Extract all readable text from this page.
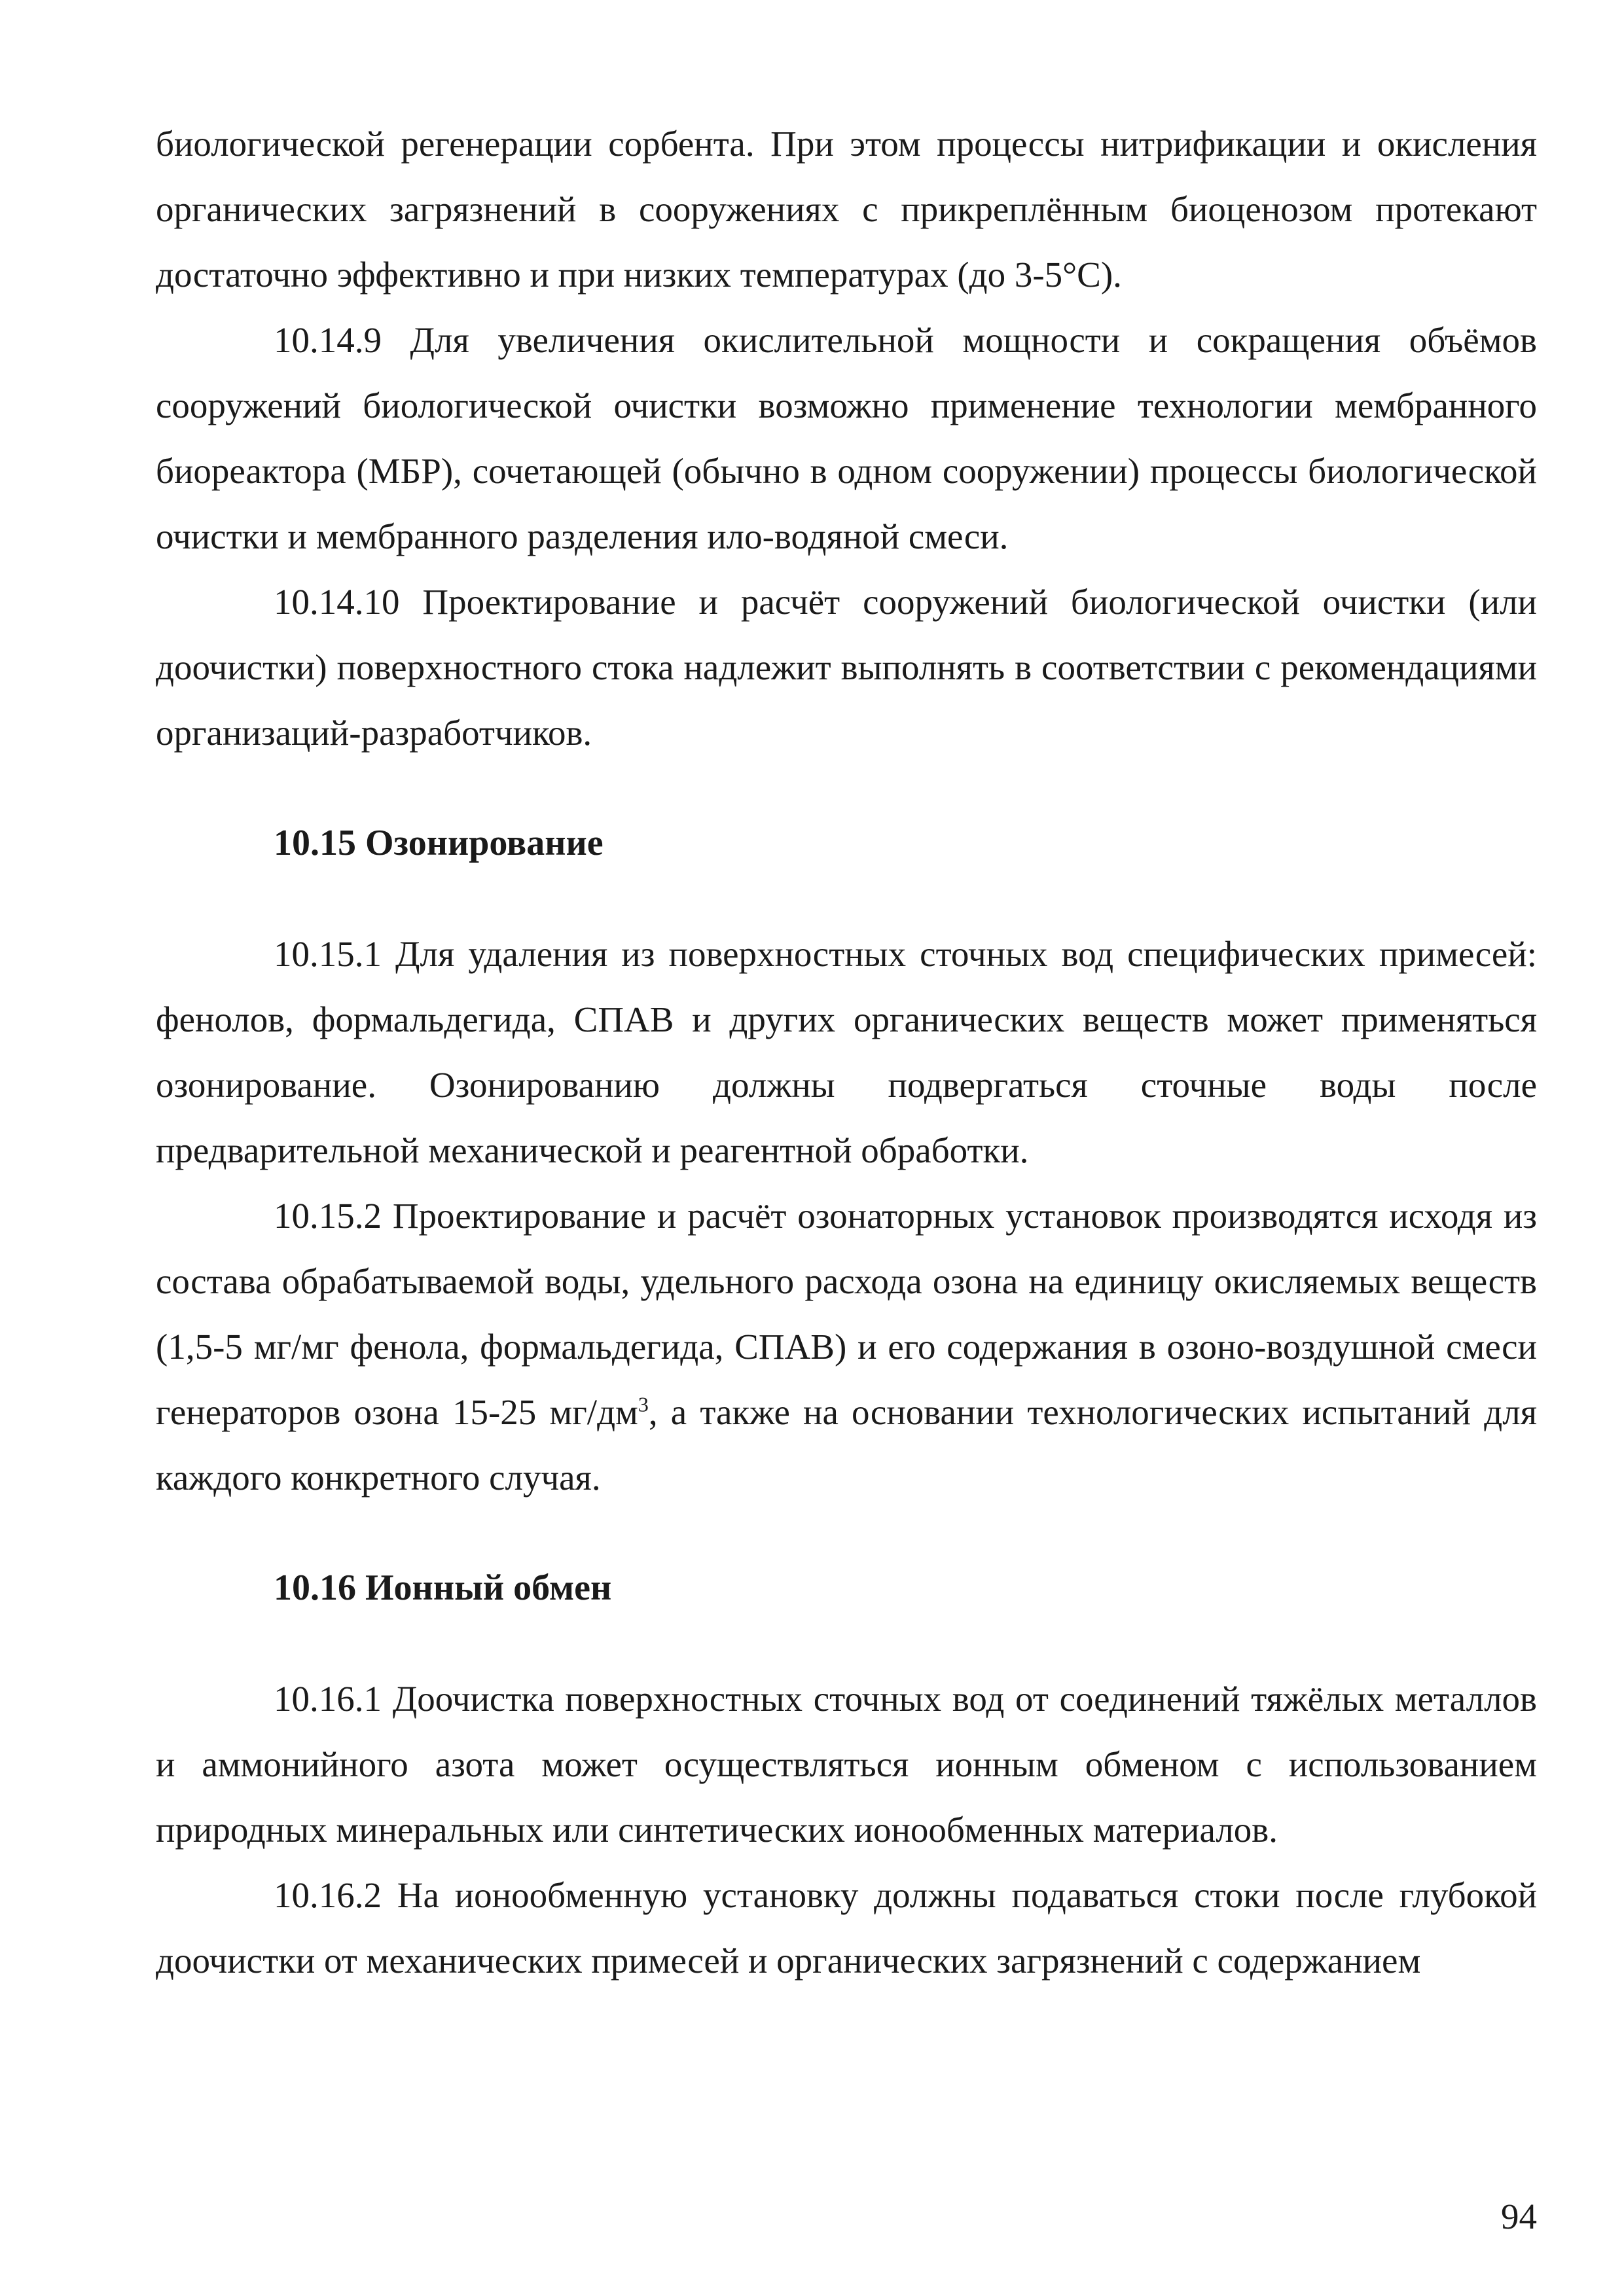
биологической регенерации сорбента. При этом процессы нитрификации и окисления органических загрязнений в сооружениях с прикреплённым биоценозом протекают достаточно эффективно и при низких температурах (до 3-5°С).

10.14.9 Для увеличения окислительной мощности и сокращения объёмов сооружений биологической очистки возможно применение технологии мембранного биореактора (МБР), сочетающей (обычно в одном сооружении) процессы биологической очистки и мембранного разделения ило-водяной смеси.

10.14.10 Проектирование и расчёт сооружений биологической очистки (или доочистки) поверхностного стока надлежит выполнять в соответствии с рекомендациями организаций-разработчиков.

10.15 Озонирование

10.15.1 Для удаления из поверхностных сточных вод специфических примесей: фенолов, формальдегида, СПАВ и других органических веществ может применяться озонирование. Озонированию должны подвергаться сточные воды после предварительной механической и реагентной обработки.

10.15.2 Проектирование и расчёт озонаторных установок производятся исходя из состава обрабатываемой воды, удельного расхода озона на единицу окисляемых веществ (1,5-5 мг/мг фенола, формальдегида, СПАВ) и его содержания в озоно-воздушной смеси генераторов озона 15-25 $мг/дм^3$, а также на основании технологических испытаний для каждого конкретного случая.

10.16 Ионный обмен

10.16.1 Доочистка поверхностных сточных вод от соединений тяжёлых металлов и аммонийного азота может осуществляться ионным обменом с использованием природных минеральных или синтетических ионообменных материалов.

10.16.2 На ионообменную установку должны подаваться стоки после глубокой доочистки от механических примесей и органических загрязнений с содержанием

94
